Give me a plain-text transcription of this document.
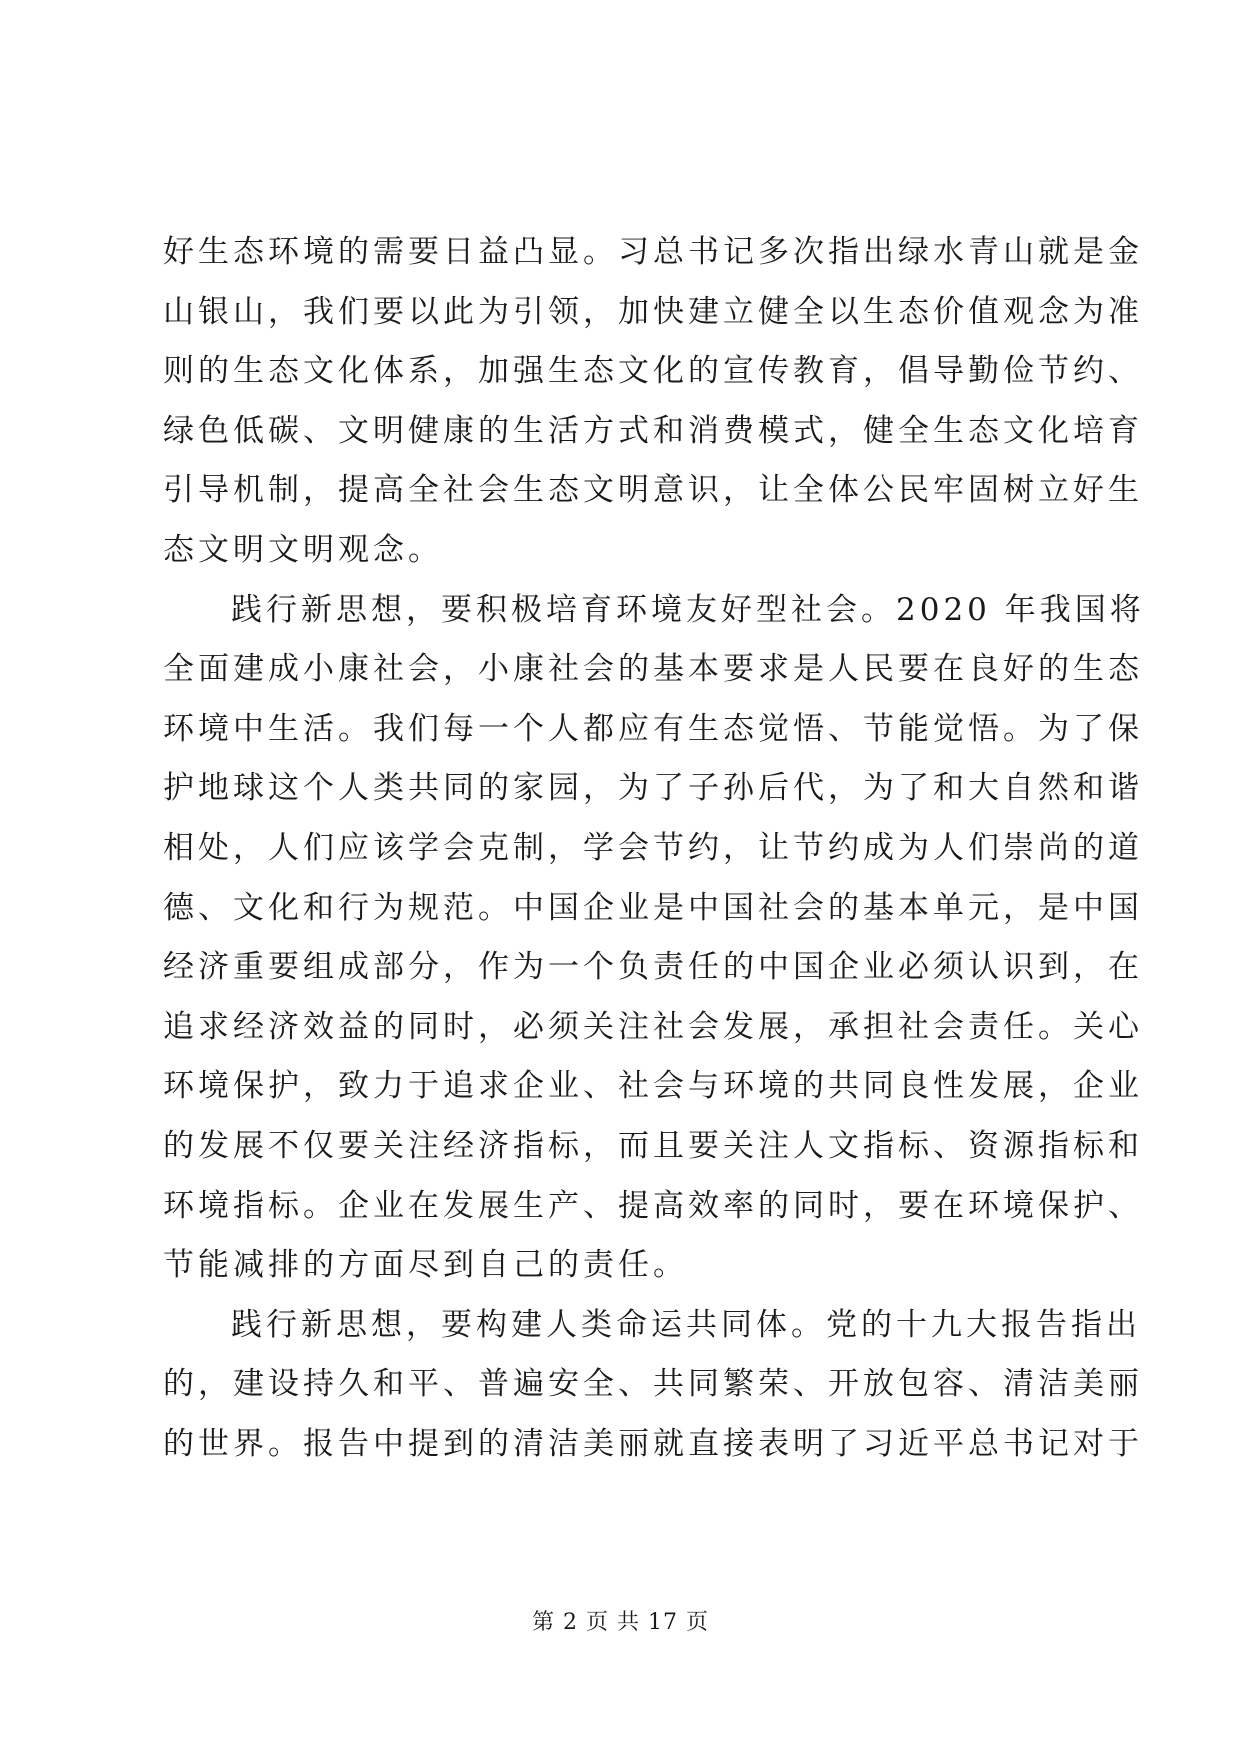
好生态环境的需要日益凸显。习总书记多次指出绿水青山就是金
山银山，我们要以此为引领，加快建立健全以生态价值观念为准
则的生态文化体系，加强生态文化的宣传教育，倡导勤俭节约、
绿色低碳、文明健康的生活方式和消费模式，健全生态文化培育
引导机制，提高全社会生态文明意识，让全体公民牢固树立好生
态文明文明观念。
践行新思想，要积极培育环境友好型社会。2020 年我国将
全面建成小康社会，小康社会的基本要求是人民要在良好的生态
环境中生活。我们每一个人都应有生态觉悟、节能觉悟。为了保
护地球这个人类共同的家园，为了子孙后代，为了和大自然和谐
相处，人们应该学会克制，学会节约，让节约成为人们崇尚的道
德、文化和行为规范。中国企业是中国社会的基本单元，是中国
经济重要组成部分，作为一个负责任的中国企业必须认识到，在
追求经济效益的同时，必须关注社会发展，承担社会责任。关心
环境保护，致力于追求企业、社会与环境的共同良性发展，企业
的发展不仅要关注经济指标，而且要关注人文指标、资源指标和
环境指标。企业在发展生产、提高效率的同时，要在环境保护、
节能减排的方面尽到自己的责任。
践行新思想，要构建人类命运共同体。党的十九大报告指出
的，建设持久和平、普遍安全、共同繁荣、开放包容、清洁美丽
的世界。报告中提到的清洁美丽就直接表明了习近平总书记对于
第 2 页 共 17 页
